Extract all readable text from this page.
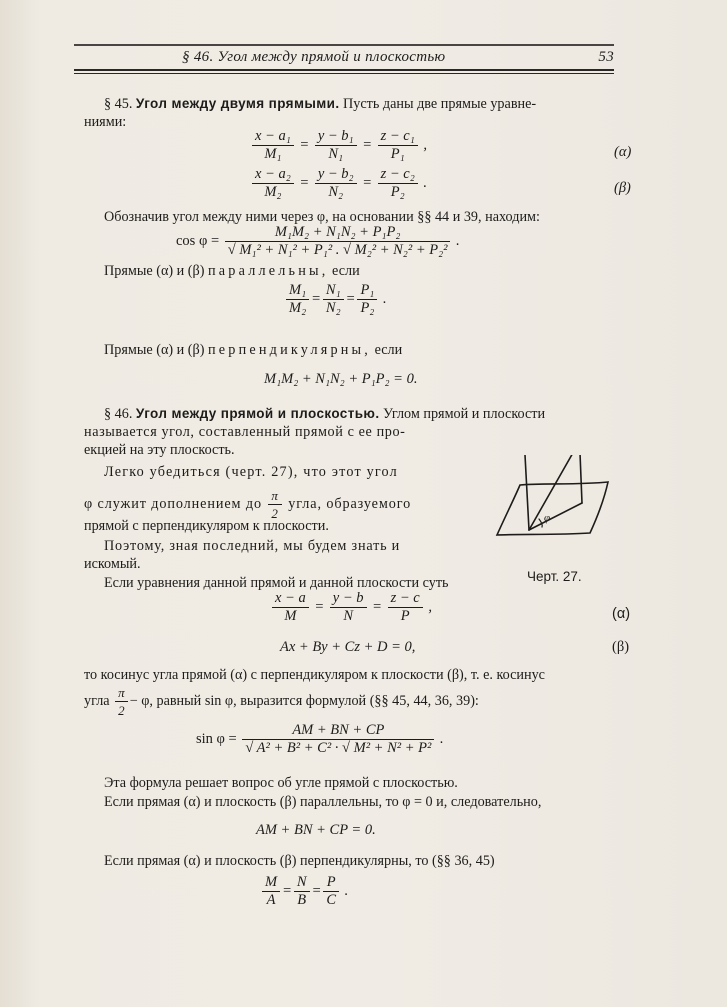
§ 46. Угол между прямой и плоскостью	53
§ 45. Угол между двумя прямыми. Пусть даны две прямые уравне-
ниями:
$\frac{\text{x − a₁}}{\text{M₁}} = \frac{\text{y − b₁}}{\text{N₁}} = \frac{\text{z − c₁}}{\text{P₁}}$ ,	(α)
$\frac{\text{x − a₂}}{\text{M₂}} = \frac{\text{y − b₂}}{\text{N₂}} = \frac{\text{z − c₂}}{\text{P₂}}$ .	(β)
Обозначив угол между ними через φ, на основании §§ 44 и 39, находим:
$\cos \varphi = \frac{\text{M₁M₂ + N₁N₂ + P₁P₂}}{\text{√ M₁² + N₁² + P₁² . √ M₂² + N₂² + P₂²}}$ .
Прямые (α) и (β) параллельны, если
$\frac{\text{M₁}}{\text{M₂}} = \frac{\text{N₁}}{\text{N₂}} = \frac{\text{P₁}}{\text{P₂}}$ .
Прямые (α) и (β) перпендикулярны, если
M₁M₂ + N₁N₂ + P₁P₂ = 0.
§ 46. Угол между прямой и плоскостью. Углом прямой и плоскости
называется угол, составленный прямой с ее про-
екцией на эту плоскость.
Легко убедиться (черт. 27), что этот угол
φ служит дополнением до $\frac{\pi}{2}$ угла, образуемого
прямой с перпендикуляром к плоскости.
Поэтому, зная последний, мы будем знать и
искомый.
Если уравнения данной прямой и данной плоскости суть
φ
Черт. 27.
$\frac{x - a}{M} = \frac{y - b}{N} = \frac{z - c}{P}$ ,	(α)
Ax + By + Cz + D = 0,	(β)
то косинус угла прямой (α) с перпендикуляром к плоскости (β), т. е. косинус
угла $\frac{\pi}{2} - \varphi$, равный sin φ, выразится формулой (§§ 45, 44, 36, 39):
$\sin \varphi = \frac{AM + BN + CP}{\text{√ A² + B² + C² · √ M² + N² + P²}}$ .
Эта формула решает вопрос об угле прямой с плоскостью.
Если прямая (α) и плоскость (β) параллельны, то φ = 0 и, следовательно,
AM + BN + CP = 0.
Если прямая (α) и плоскость (β) перпендикулярны, то (§§ 36, 45)
$\frac{M}{A} = \frac{N}{B} = \frac{P}{C}$ .
